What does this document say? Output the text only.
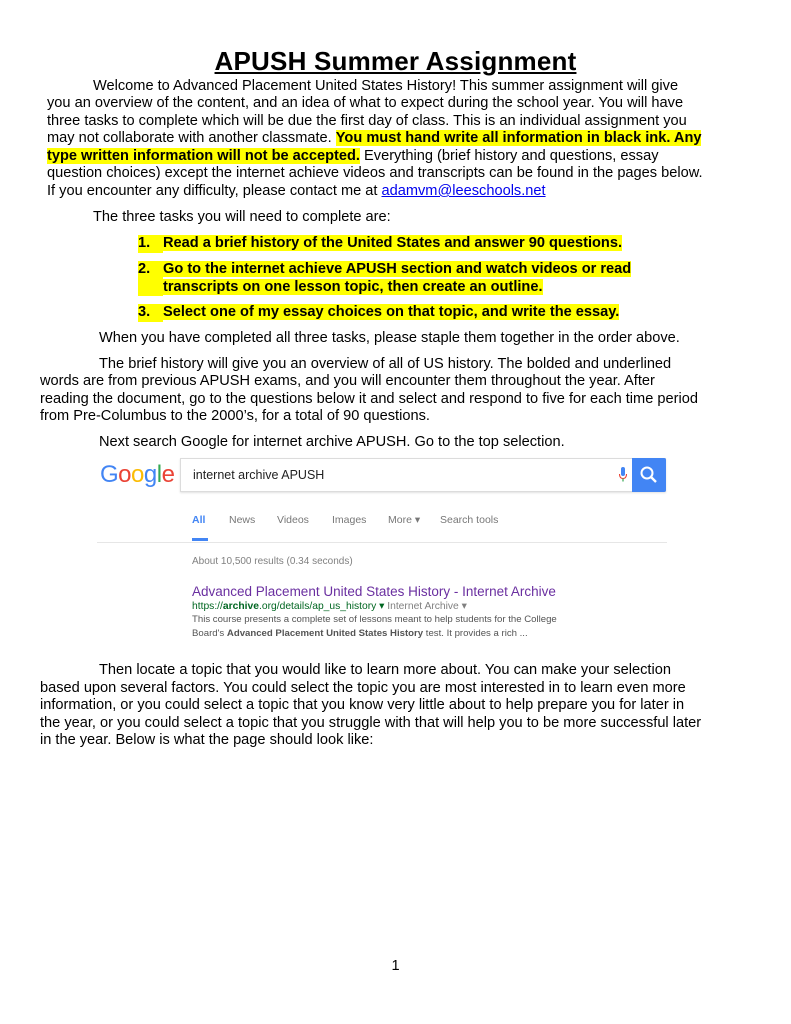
APUSH Summer Assignment
Welcome to Advanced Placement United States History! This summer assignment will give
you an overview of the content, and an idea of what to expect during the school year. You will have
three tasks to complete which will be due the first day of class. This is an individual assignment you
may not collaborate with another classmate. You must hand write all information in black ink. Any
type written information will not be accepted. Everything (brief history and questions, essay
question choices) except the internet achieve videos and transcripts can be found in the pages below.
If you encounter any difficulty, please contact me at adamvm@leeschools.net
The three tasks you will need to complete are:
1. Read a brief history of the United States and answer 90 questions.
2. Go to the internet achieve APUSH section and watch videos or read
transcripts on one lesson topic, then create an outline.
3. Select one of my essay choices on that topic, and write the essay.
When you have completed all three tasks, please staple them together in the order above.
The brief history will give you an overview of all of US history. The bolded and underlined
words are from previous APUSH exams, and you will encounter them throughout the year. After
reading the document, go to the questions below it and select and respond to five for each time period
from Pre-Columbus to the 2000’s, for a total of 90 questions.
Next search Google for internet archive APUSH. Go to the top selection.
Google internet archive APUSH
All News Videos Images More ▾ Search tools
About 10,500 results (0.34 seconds)
Advanced Placement United States History - Internet Archive
https://archive.org/details/ap_us_history ▾ Internet Archive ▾
This course presents a complete set of lessons meant to help students for the College
Board's Advanced Placement United States History test. It provides a rich ...
Then locate a topic that you would like to learn more about. You can make your selection
based upon several factors. You could select the topic you are most interested in to learn even more
information, or you could select a topic that you know very little about to help prepare you for later in
the year, or you could select a topic that you struggle with that will help you to be more successful later
in the year. Below is what the page should look like:
1
